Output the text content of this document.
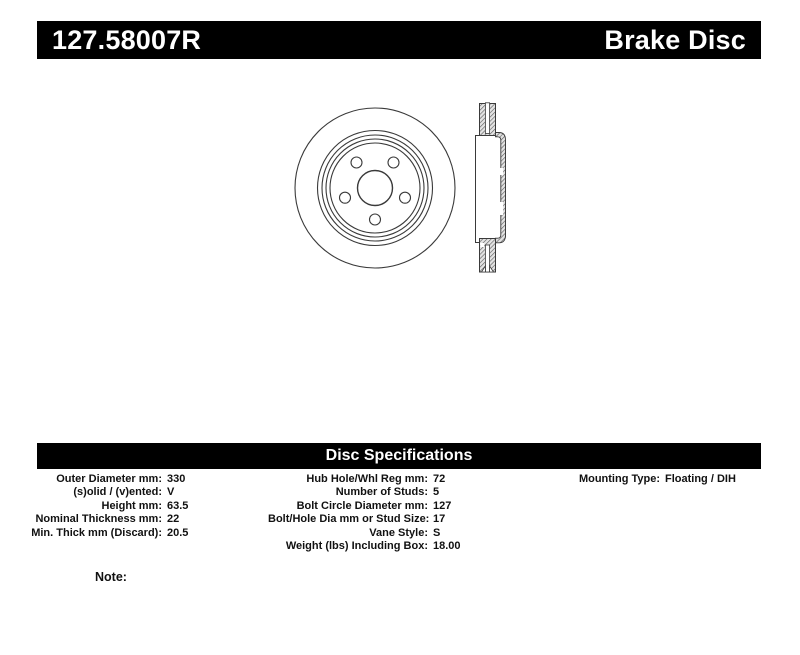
127.58007R	Brake Disc
Disc Specifications
Outer Diameter mm: 330
(s)olid / (v)ented: V
Height mm: 63.5
Nominal Thickness mm: 22
Min. Thick mm (Discard): 20.5
Hub Hole/Whl Reg mm: 72
Number of Studs: 5
Bolt Circle Diameter mm: 127
Bolt/Hole Dia mm or Stud Size: 17
Vane Style: S
Weight (lbs) Including Box: 18.00
Mounting Type: Floating / DIH
Note:
